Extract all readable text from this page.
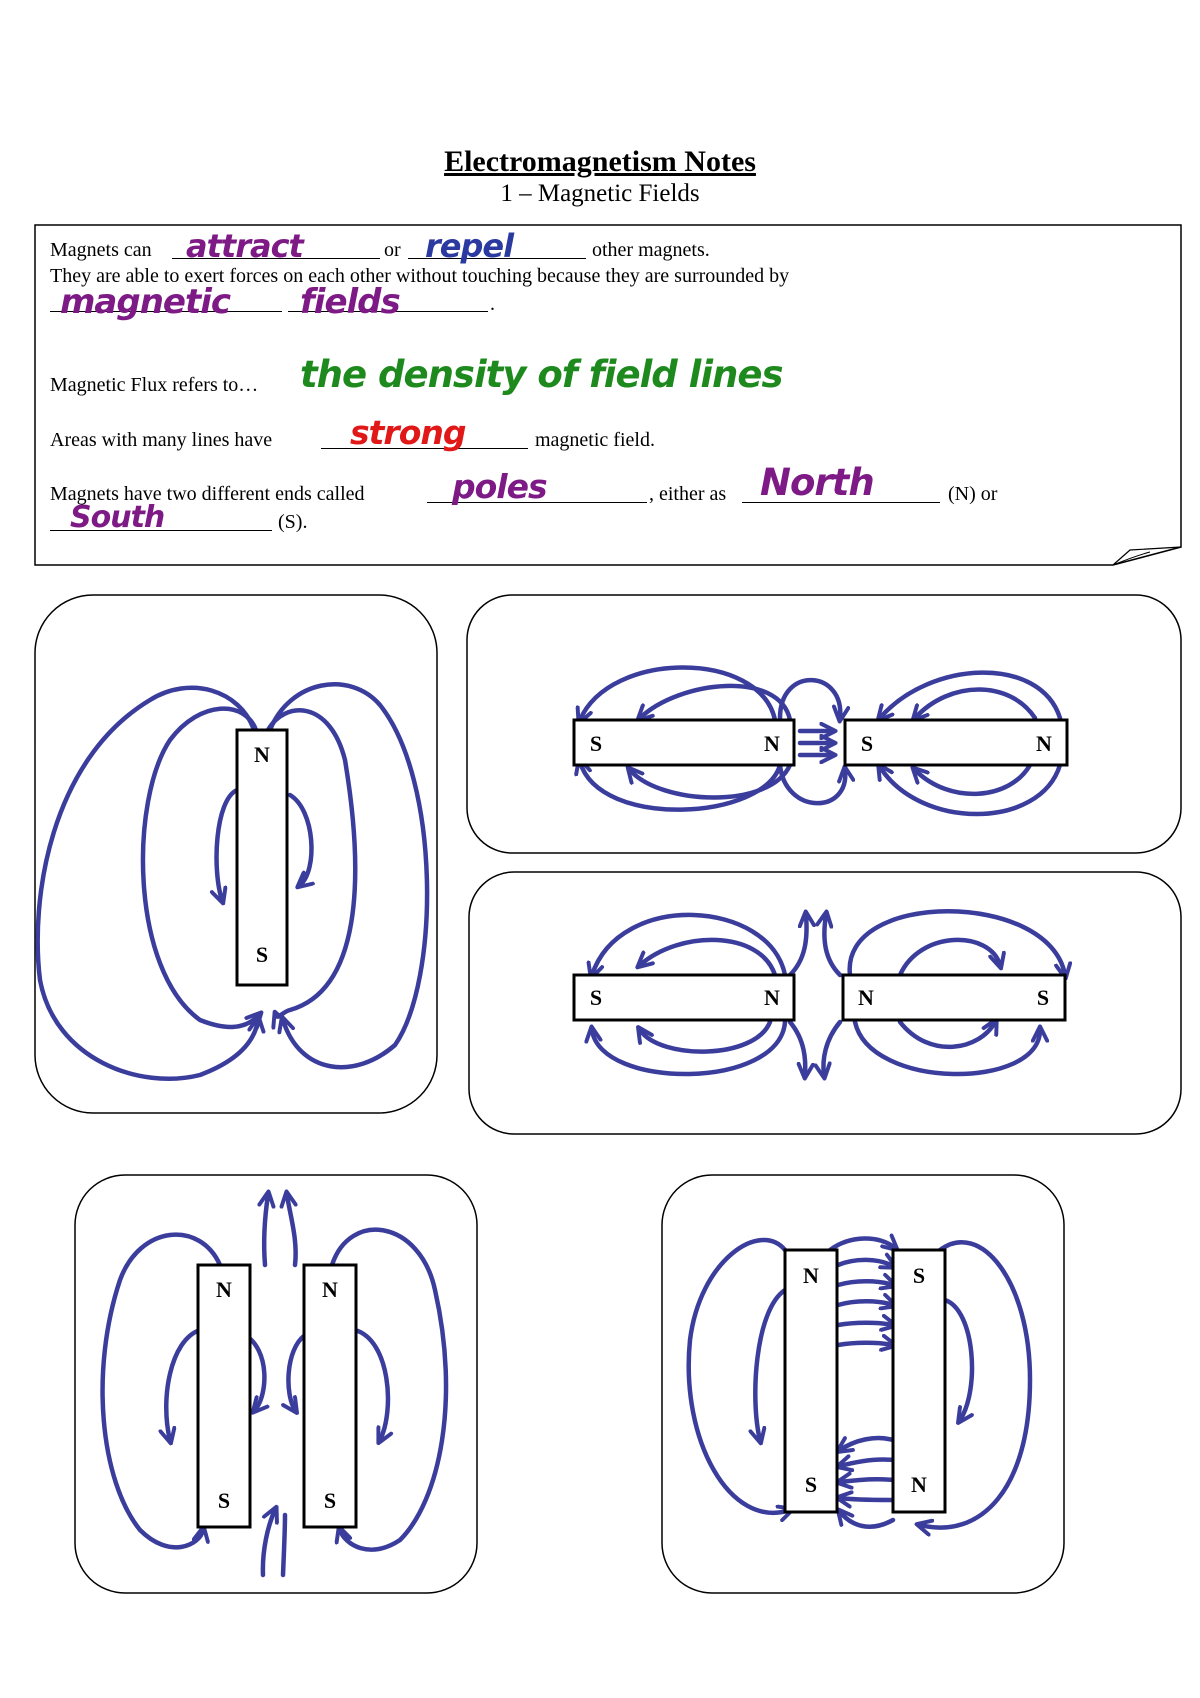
Electromagnetism Notes
1 – Magnetic Fields
Magnets can attract	or repel	other magnets.
They are able to exert forces on each other without touching because they are surrounded by
magnetic fields	.
Magnetic Flux refers to… the density of field lines
Areas with many lines have strong	magnetic field.
Magnets have two different ends called	poles	, either as North	(N) or
South	(S).
N
S
S	N	S	N
S	N	N	S
N
S
N
S
N
S
S
N
